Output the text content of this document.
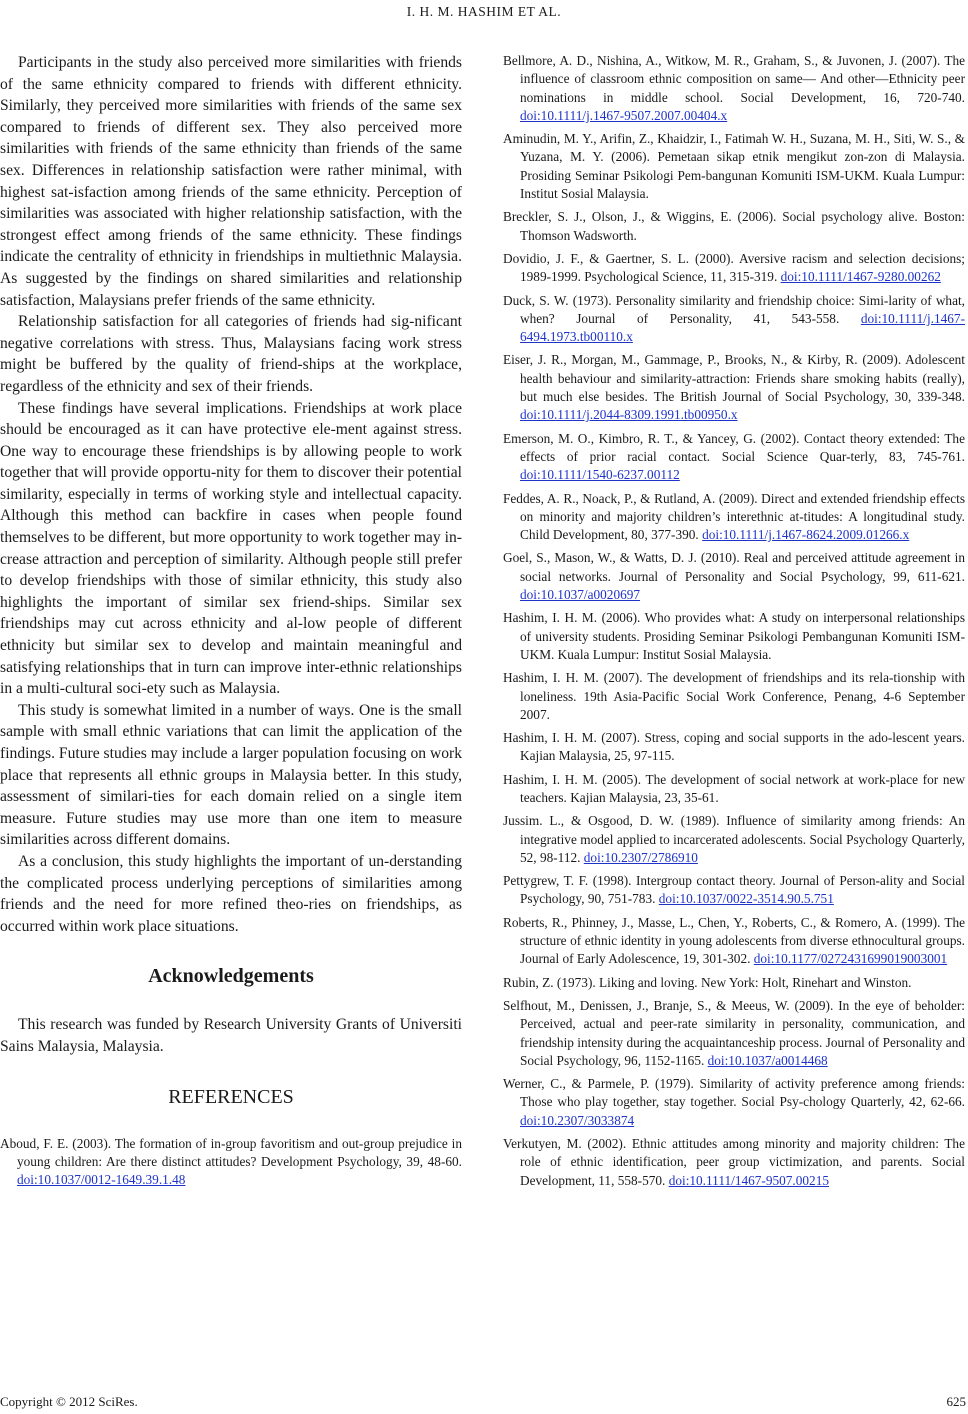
I. H. M. HASHIM ET AL.

Participants in the study also perceived more similarities with friends of the same ethnicity compared to friends with different ethnicity. Similarly, they perceived more similarities with friends of the same sex compared to friends of different sex. They also perceived more similarities with friends of the same ethnicity than friends of the same sex. Differences in relationship satisfaction were rather minimal, with highest sat-isfaction among friends of the same ethnicity. Perception of similarities was associated with higher relationship satisfaction, with the strongest effect among friends of the same ethnicity. These findings indicate the centrality of ethnicity in friendships in multiethnic Malaysia. As suggested by the findings on shared similarities and relationship satisfaction, Malaysians prefer friends of the same ethnicity.

Relationship satisfaction for all categories of friends had sig-nificant negative correlations with stress. Thus, Malaysians facing work stress might be buffered by the quality of friend-ships at the workplace, regardless of the ethnicity and sex of their friends.

These findings have several implications. Friendships at work place should be encouraged as it can have protective ele-ment against stress. One way to encourage these friendships is by allowing people to work together that will provide opportu-nity for them to discover their potential similarity, especially in terms of working style and intellectual capacity. Although this method can backfire in cases when people found themselves to be different, but more opportunity to work together may in-crease attraction and perception of similarity. Although people still prefer to develop friendships with those of similar ethnicity, this study also highlights the important of similar sex friend-ships. Similar sex friendships may cut across ethnicity and al-low people of different ethnicity but similar sex to develop and maintain meaningful and satisfying relationships that in turn can improve inter-ethnic relationships in a multi-cultural soci-ety such as Malaysia.

This study is somewhat limited in a number of ways. One is the small sample with small ethnic variations that can limit the application of the findings. Future studies may include a larger population focusing on work place that represents all ethnic groups in Malaysia better. In this study, assessment of similari-ties for each domain relied on a single item measure. Future studies may use more than one item to measure similarities across different domains.

As a conclusion, this study highlights the important of un-derstanding the complicated process underlying perceptions of similarities among friends and the need for more refined theo-ries on friendships, as occurred within work place situations.

Acknowledgements

This research was funded by Research University Grants of Universiti Sains Malaysia, Malaysia.

REFERENCES

Aboud, F. E. (2003). The formation of in-group favoritism and out-group prejudice in young children: Are there distinct attitudes? Development Psychology, 39, 48-60. doi:10.1037/0012-1649.39.1.48

Bellmore, A. D., Nishina, A., Witkow, M. R., Graham, S., & Juvonen, J. (2007). The influence of classroom ethnic composition on same— And other—Ethnicity peer nominations in middle school. Social Development, 16, 720-740. doi:10.1111/j.1467-9507.2007.00404.x

Aminudin, M. Y., Arifin, Z., Khaidzir, I., Fatimah W. H., Suzana, M. H., Siti, W. S., & Yuzana, M. Y. (2006). Pemetaan sikap etnik mengikut zon-zon di Malaysia. Prosiding Seminar Psikologi Pem-bangunan Komuniti ISM-UKM. Kuala Lumpur: Institut Sosial Malaysia.

Breckler, S. J., Olson, J., & Wiggins, E. (2006). Social psychology alive. Boston: Thomson Wadsworth.

Dovidio, J. F., & Gaertner, S. L. (2000). Aversive racism and selection decisions; 1989-1999. Psychological Science, 11, 315-319. doi:10.1111/1467-9280.00262

Duck, S. W. (1973). Personality similarity and friendship choice: Simi-larity of what, when? Journal of Personality, 41, 543-558. doi:10.1111/j.1467-6494.1973.tb00110.x

Eiser, J. R., Morgan, M., Gammage, P., Brooks, N., & Kirby, R. (2009). Adolescent health behaviour and similarity-attraction: Friends share smoking habits (really), but much else besides. The British Journal of Social Psychology, 30, 339-348. doi:10.1111/j.2044-8309.1991.tb00950.x

Emerson, M. O., Kimbro, R. T., & Yancey, G. (2002). Contact theory extended: The effects of prior racial contact. Social Science Quar-terly, 83, 745-761. doi:10.1111/1540-6237.00112

Feddes, A. R., Noack, P., & Rutland, A. (2009). Direct and extended friendship effects on minority and majority children’s interethnic at-titudes: A longitudinal study. Child Development, 80, 377-390. doi:10.1111/j.1467-8624.2009.01266.x

Goel, S., Mason, W., & Watts, D. J. (2010). Real and perceived attitude agreement in social networks. Journal of Personality and Social Psychology, 99, 611-621. doi:10.1037/a0020697

Hashim, I. H. M. (2006). Who provides what: A study on interpersonal relationships of university students. Prosiding Seminar Psikologi Pembangunan Komuniti ISM-UKM. Kuala Lumpur: Institut Sosial Malaysia.

Hashim, I. H. M. (2007). The development of friendships and its rela-tionship with loneliness. 19th Asia-Pacific Social Work Conference, Penang, 4-6 September 2007.

Hashim, I. H. M. (2007). Stress, coping and social supports in the ado-lescent years. Kajian Malaysia, 25, 97-115.

Hashim, I. H. M. (2005). The development of social network at work-place for new teachers. Kajian Malaysia, 23, 35-61.

Jussim. L., & Osgood, D. W. (1989). Influence of similarity among friends: An integrative model applied to incarcerated adolescents. Social Psychology Quarterly, 52, 98-112. doi:10.2307/2786910

Pettygrew, T. F. (1998). Intergroup contact theory. Journal of Person-ality and Social Psychology, 90, 751-783. doi:10.1037/0022-3514.90.5.751

Roberts, R., Phinney, J., Masse, L., Chen, Y., Roberts, C., & Romero, A. (1999). The structure of ethnic identity in young adolescents from diverse ethnocultural groups. Journal of Early Adolescence, 19, 301-302. doi:10.1177/0272431699019003001

Rubin, Z. (1973). Liking and loving. New York: Holt, Rinehart and Winston.

Selfhout, M., Denissen, J., Branje, S., & Meeus, W. (2009). In the eye of beholder: Perceived, actual and peer-rate similarity in personality, communication, and friendship intensity during the acquaintanceship process. Journal of Personality and Social Psychology, 96, 1152-1165. doi:10.1037/a0014468

Werner, C., & Parmele, P. (1979). Similarity of activity preference among friends: Those who play together, stay together. Social Psy-chology Quarterly, 42, 62-66. doi:10.2307/3033874

Verkutyen, M. (2002). Ethnic attitudes among minority and majority children: The role of ethnic identification, peer group victimization, and parents. Social Development, 11, 558-570. doi:10.1111/1467-9507.00215

Copyright © 2012 SciRes.	625
